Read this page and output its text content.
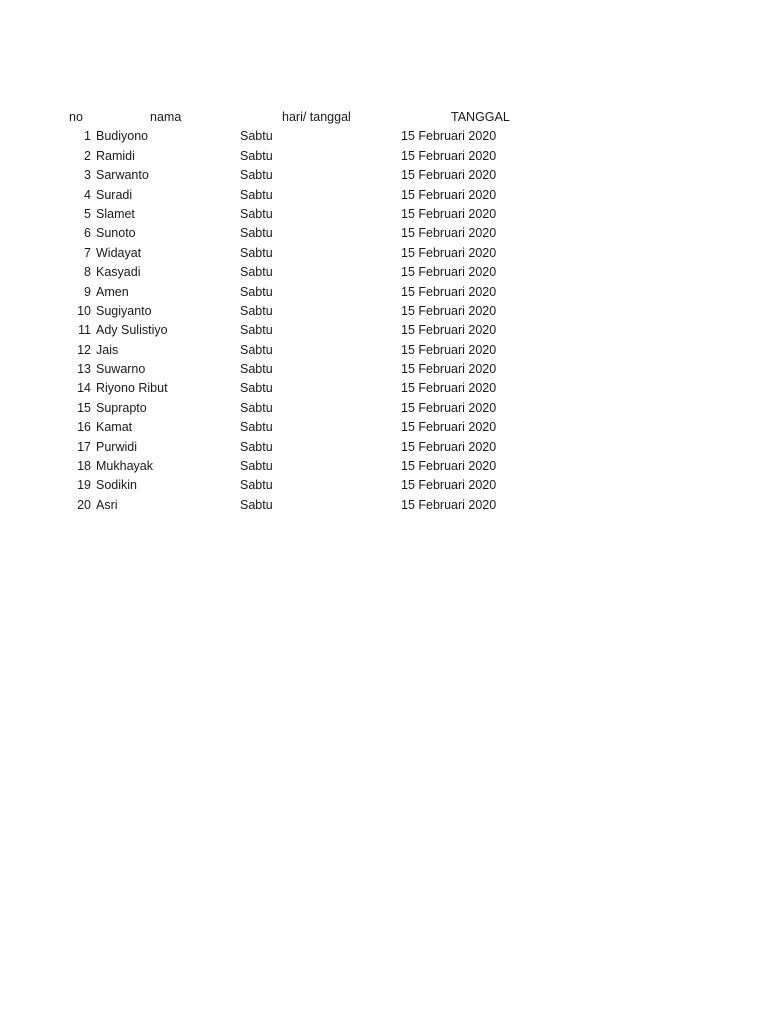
no	nama	hari/ tanggal	TANGGAL
1 Budiyono	Sabtu	15 Februari 2020
2 Ramidi	Sabtu	15 Februari 2020
3 Sarwanto	Sabtu	15 Februari 2020
4 Suradi	Sabtu	15 Februari 2020
5 Slamet	Sabtu	15 Februari 2020
6 Sunoto	Sabtu	15 Februari 2020
7 Widayat	Sabtu	15 Februari 2020
8 Kasyadi	Sabtu	15 Februari 2020
9 Amen	Sabtu	15 Februari 2020
10 Sugiyanto	Sabtu	15 Februari 2020
11 Ady Sulistiyo	Sabtu	15 Februari 2020
12 Jais	Sabtu	15 Februari 2020
13 Suwarno	Sabtu	15 Februari 2020
14 Riyono Ribut	Sabtu	15 Februari 2020
15 Suprapto	Sabtu	15 Februari 2020
16 Kamat	Sabtu	15 Februari 2020
17 Purwidi	Sabtu	15 Februari 2020
18 Mukhayak	Sabtu	15 Februari 2020
19 Sodikin	Sabtu	15 Februari 2020
20 Asri	Sabtu	15 Februari 2020
